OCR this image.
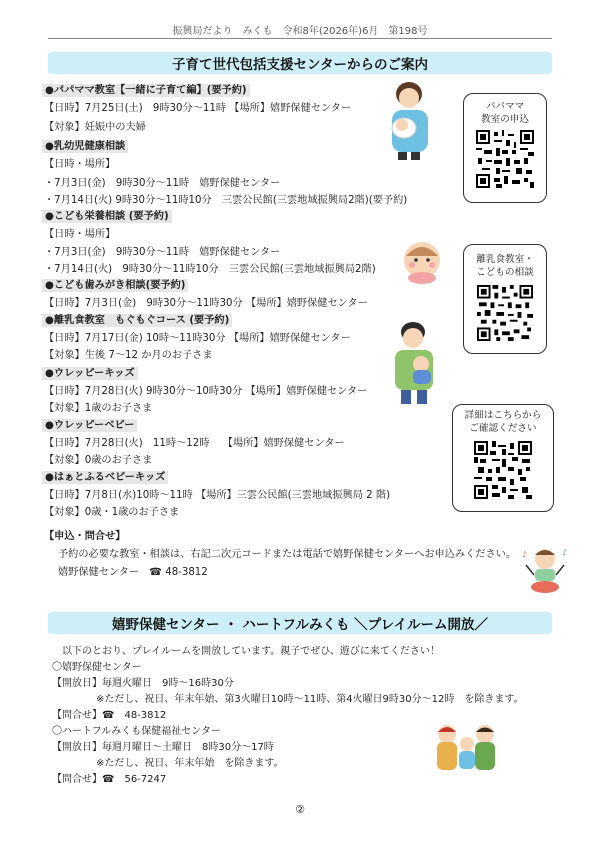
振興局だより　みくも　令和8年(2026年)6月　第198号
子育て世代包括支援センターからのご案内
●パパママ教室【一緒に子育て編】(要予約)
【日時】7月25日(土)　9時30分～11時 【場所】嬉野保健センター
【対象】妊娠中の夫婦
●乳幼児健康相談
【日時・場所】
・7月3日(金)　9時30分～11時　嬉野保健センター
・7月14日(火) 9時30分～11時10分　三雲公民館(三雲地域振興局2階)(要予約)
●こども栄養相談 (要予約)
【日時・場所】
・7月3日(金)　9時30分～11時　嬉野保健センター
・7月14日(火)　9時30分～11時10分　三雲公民館(三雲地域振興局2階)
●こども歯みがき相談(要予約)
【日時】7月3日(金)　9時30分～11時30分 【場所】嬉野保健センター
●離乳食教室　もぐもぐコース (要予約)
【日時】7月17日(金) 10時～11時30分 【場所】嬉野保健センター
【対象】生後 7～12 か月のお子さま
●ウレッピーキッズ
【日時】7月28日(火) 9時30分～10時30分 【場所】嬉野保健センター
【対象】1歳のお子さま
●ウレッピーベビー
【日時】7月28日(火)　11時～12時　 【場所】嬉野保健センター
【対象】0歳のお子さま
●はぁとふるベビーキッズ
【日時】7月8日(水)10時～11時 【場所】三雲公民館(三雲地域振興局 2 階)
【対象】0歳・1歳のお子さま
パパママ
教室の申込
離乳食教室・
こどもの相談
詳細はこちらから
ご確認ください
♪	♪
【申込・問合せ】
予約の必要な教室・相談は、右記二次元コードまたは電話で嬉野保健センターへお申込みください。
嬉野保健センター　☎ 48-3812
嬉野保健センター ・ ハートフルみくも ＼プレイルーム開放／
以下のとおり、プレイルームを開放しています。親子でぜひ、遊びに来てください！
〇嬉野保健センター
【開放日】毎週火曜日　9時～16時30分
※ただし、祝日、年末年始、第3火曜日10時～11時、第4火曜日9時30分～12時　を除きます。
【問合せ】☎　48-3812
〇ハートフルみくも保健福祉センター
【開放日】毎週月曜日～土曜日　8時30分～17時
※ただし、祝日、年末年始　を除きます。
【問合せ】☎　56-7247
②
